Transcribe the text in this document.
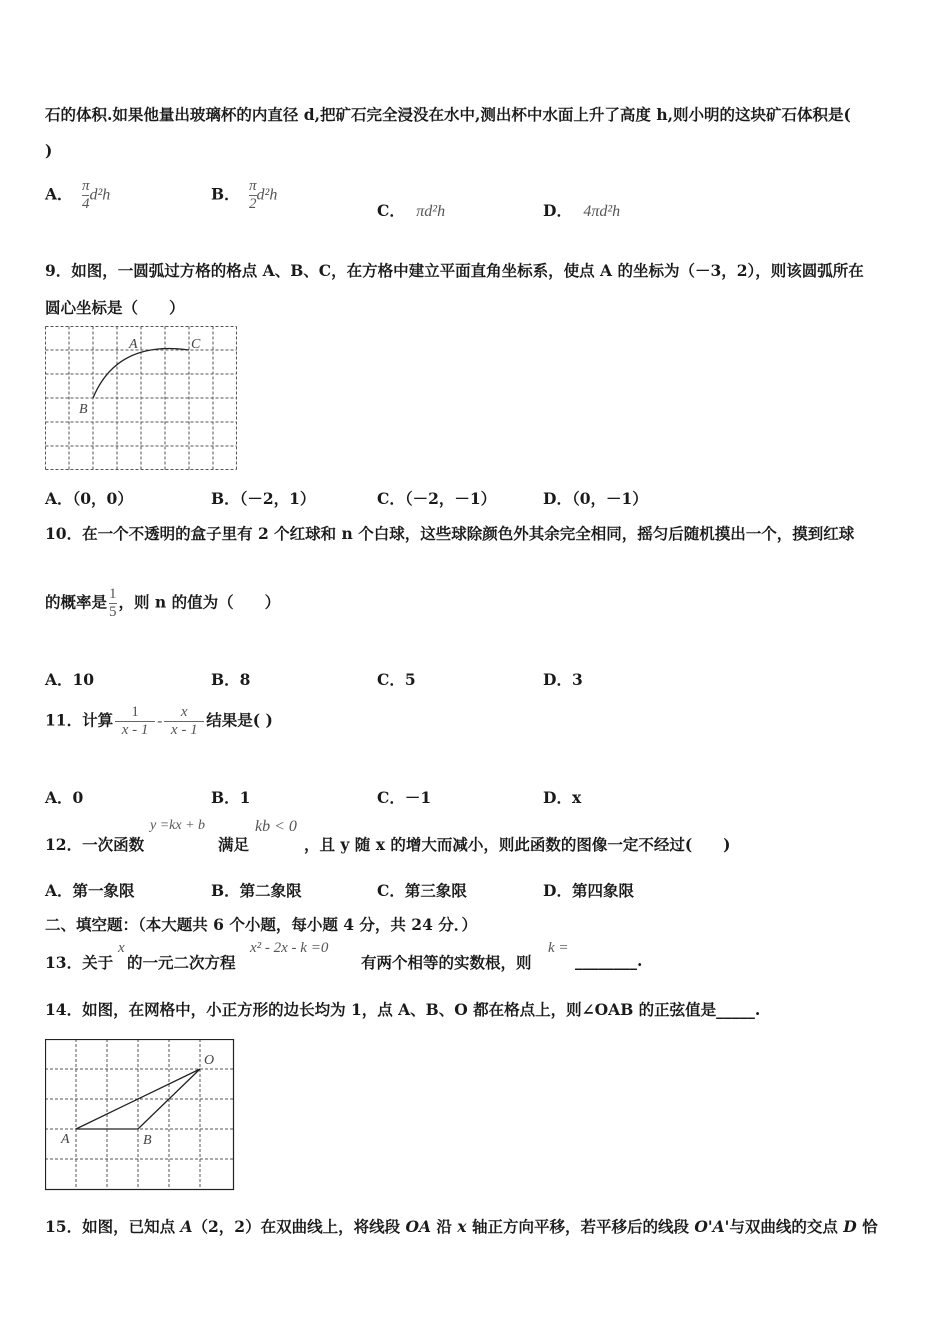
石的体积.如果他量出玻璃杯的内直径 d,把矿石完全浸没在水中,测出杯中水面上升了高度 h,则小明的这块矿石体积是(
)
A． $\frac{\pi}{4} d^2h$	B． $\frac{\pi}{2} d^2h$
C． πd²h	D． 4πd²h
9．如图，一圆弧过方格的格点 A、B、C，在方格中建立平面直角坐标系，使点 A 的坐标为（－3，2），则该圆弧所在
圆心坐标是（　　）
A	C
B
A．（0，0）	B．（－2，1）	C．（－2，－1）	D．（0，－1）
10．在一个不透明的盒子里有 2 个红球和 n 个白球，这些球除颜色外其余完全相同，摇匀后随机摸出一个，摸到红球
的概率是 $\frac{1}{5}$ ，则 n 的值为（　　）
A．10	B．8	C．5	D．3
11．计算 $\frac{1}{x - 1} - \frac{x}{x - 1}$ 结果是( )
A．0	B．1	C．－1	D．x
12．一次函数
y =kx + b
满足
kb < 0
，且 y 随 x 的增大而减小，则此函数的图像一定不经过(　　)
A．第一象限	B．第二象限	C．第三象限	D．第四象限
二、填空题：（本大题共 6 个小题，每小题 4 分，共 24 分．）
13．关于
x
的一元二次方程
x² - 2x - k =0
有两个相等的实数根，则
k =
________.
14．如图，在网格中，小正方形的边长均为 1，点 A、B、O 都在格点上，则∠OAB 的正弦值是_____.
O
A	B
15．如图，已知点 A（2，2）在双曲线上，将线段 OA 沿 x 轴正方向平移，若平移后的线段 O'A'与双曲线的交点 D 恰
